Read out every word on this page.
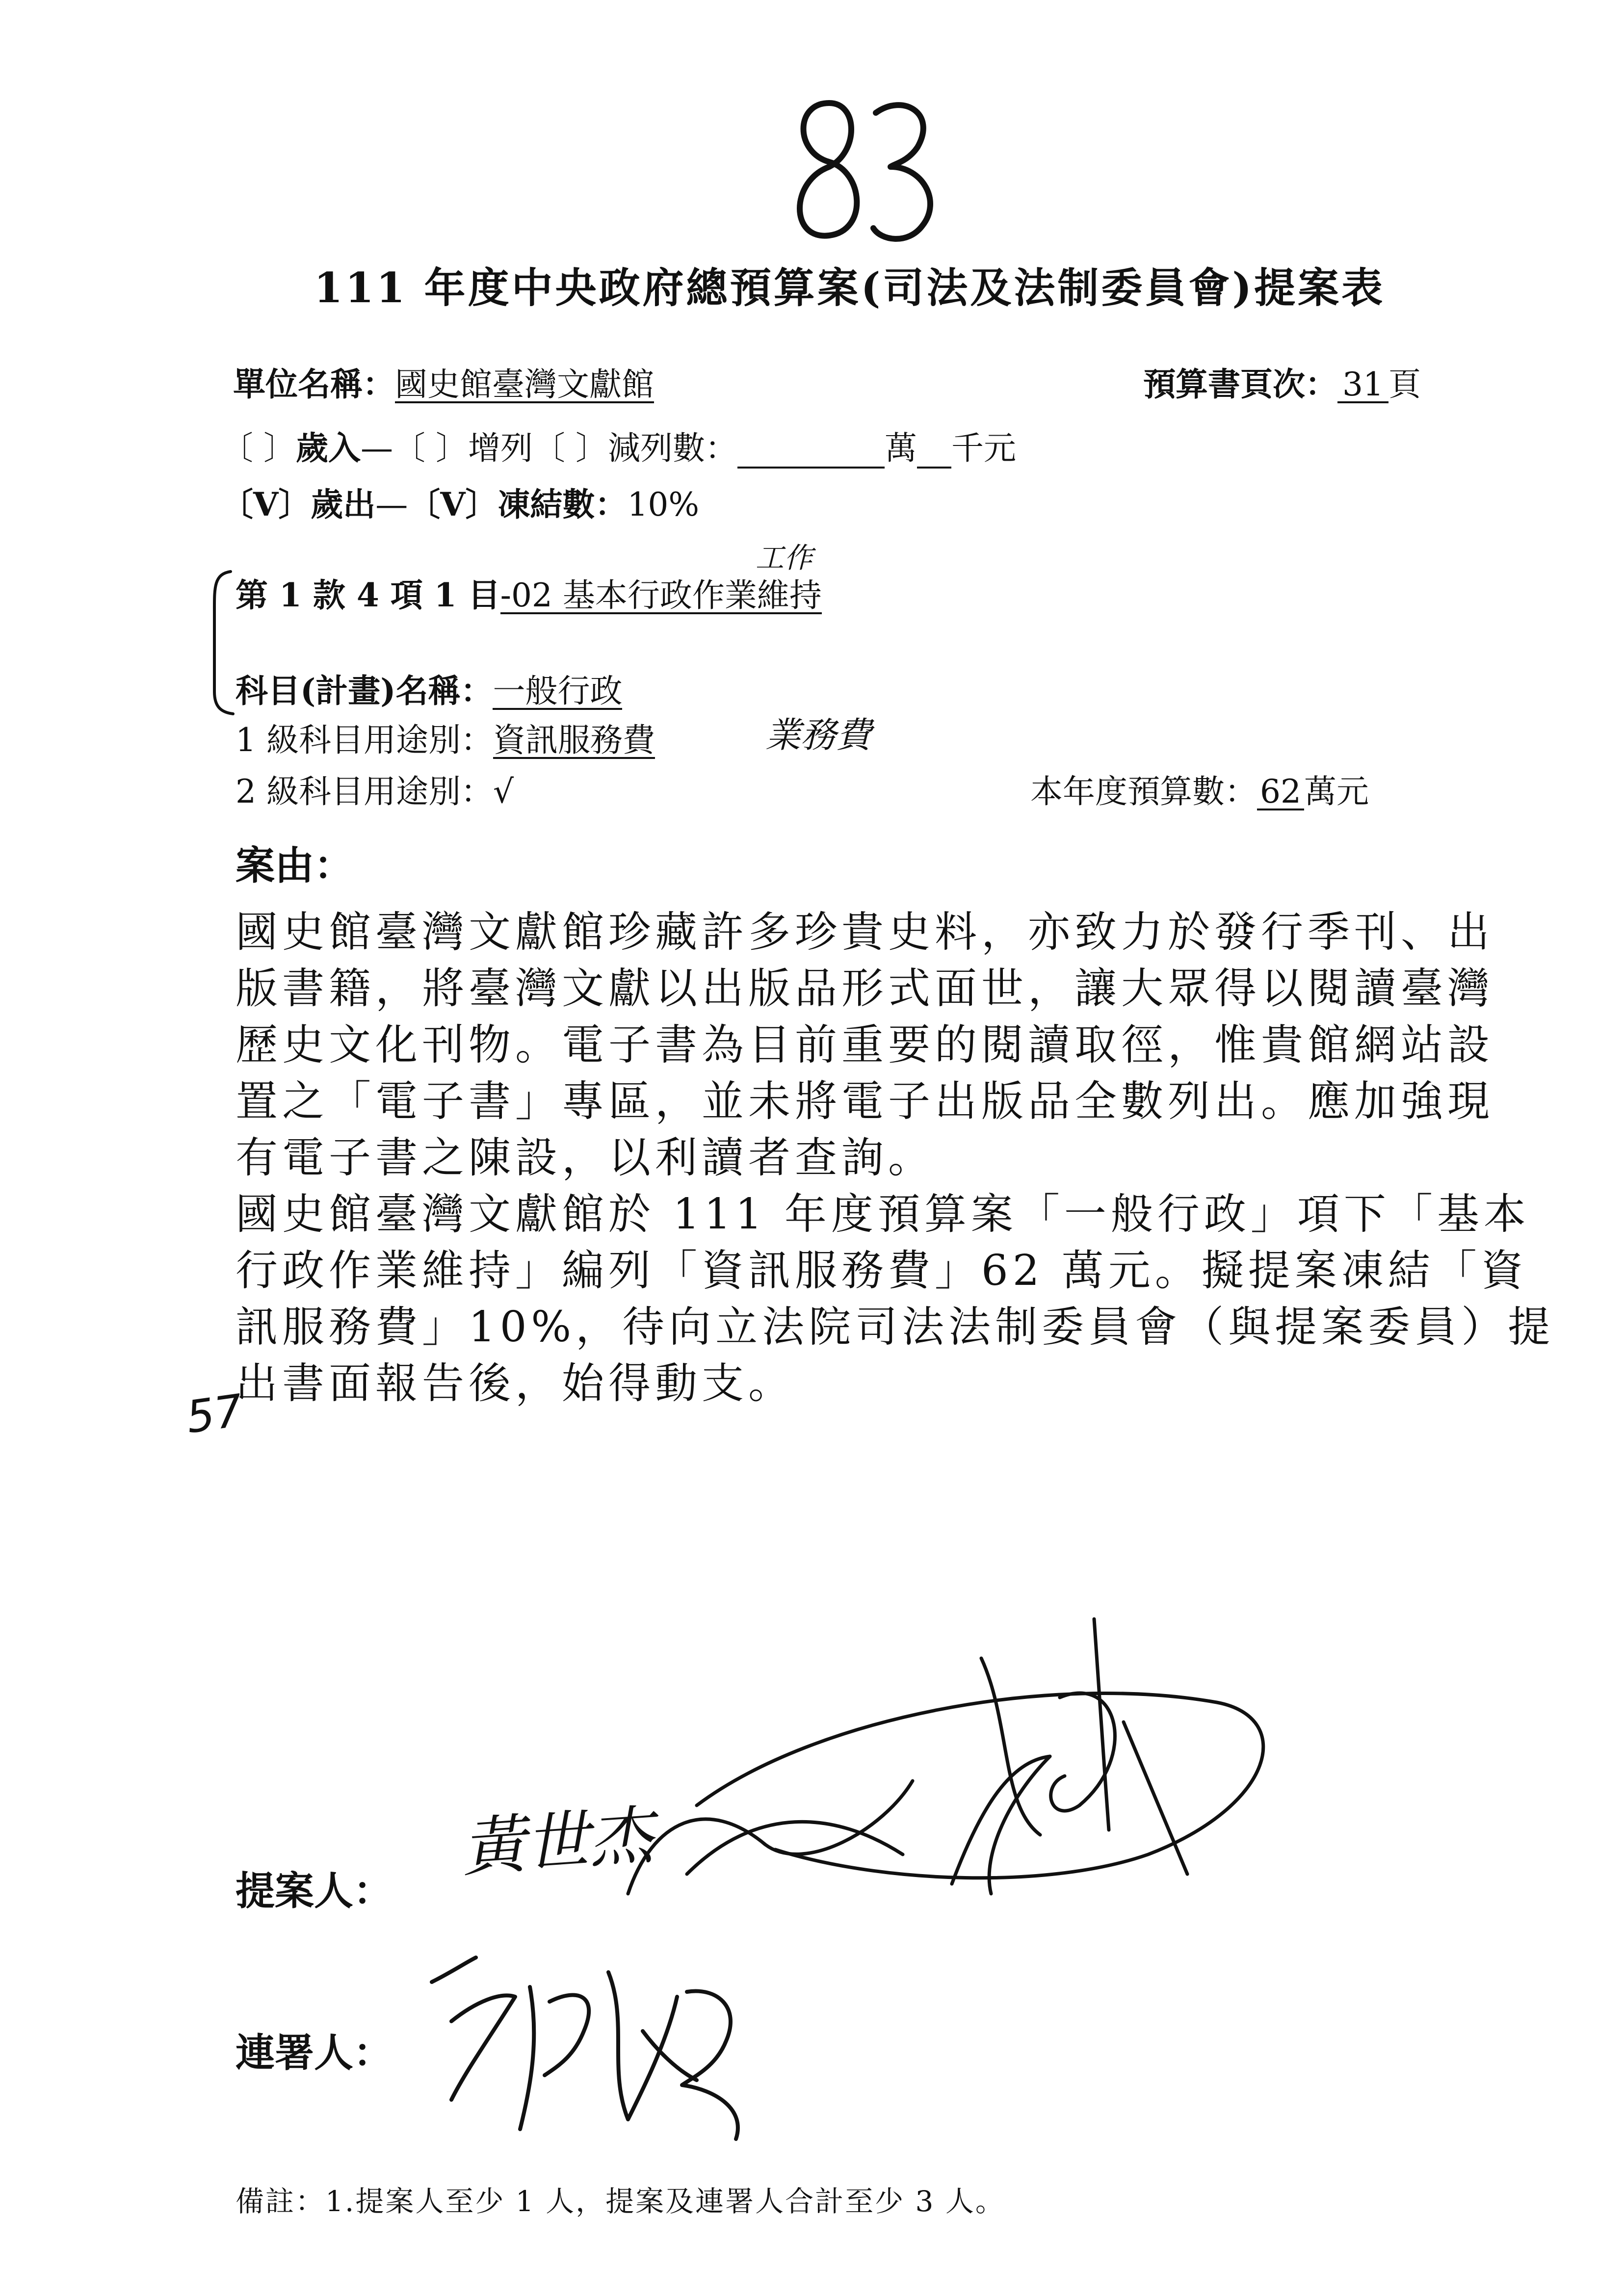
111 年度中央政府總預算案(司法及法制委員會)提案表
單位名稱：國史館臺灣文獻館	預算書頁次： 31 頁
〔 〕歲入—〔 〕增列〔 〕減列數：	萬 千元
〔V〕歲出—〔V〕凍結數：10%
工作
第 1 款 4 項 1 目-02 基本行政作業維持
科目(計畫)名稱：一般行政
1 級科目用途別：資訊服務費	業務費
2 級科目用途別：√	本年度預算數：62萬元
案由：
國史館臺灣文獻館珍藏許多珍貴史料，亦致力於發行季刊、出
版書籍，將臺灣文獻以出版品形式面世，讓大眾得以閱讀臺灣
歷史文化刊物。電子書為目前重要的閱讀取徑，惟貴館網站設
置之「電子書」專區，並未將電子出版品全數列出。應加強現
有電子書之陳設，以利讀者查詢。
國史館臺灣文獻館於 111 年度預算案「一般行政」項下「基本
行政作業維持」編列「資訊服務費」62 萬元。擬提案凍結「資
訊服務費」10%，待向立法院司法法制委員會（與提案委員）提
出書面報告後，始得動支。
57
提案人：
黃世杰
連署人：
備註：1.提案人至少 1 人，提案及連署人合計至少 3 人。
